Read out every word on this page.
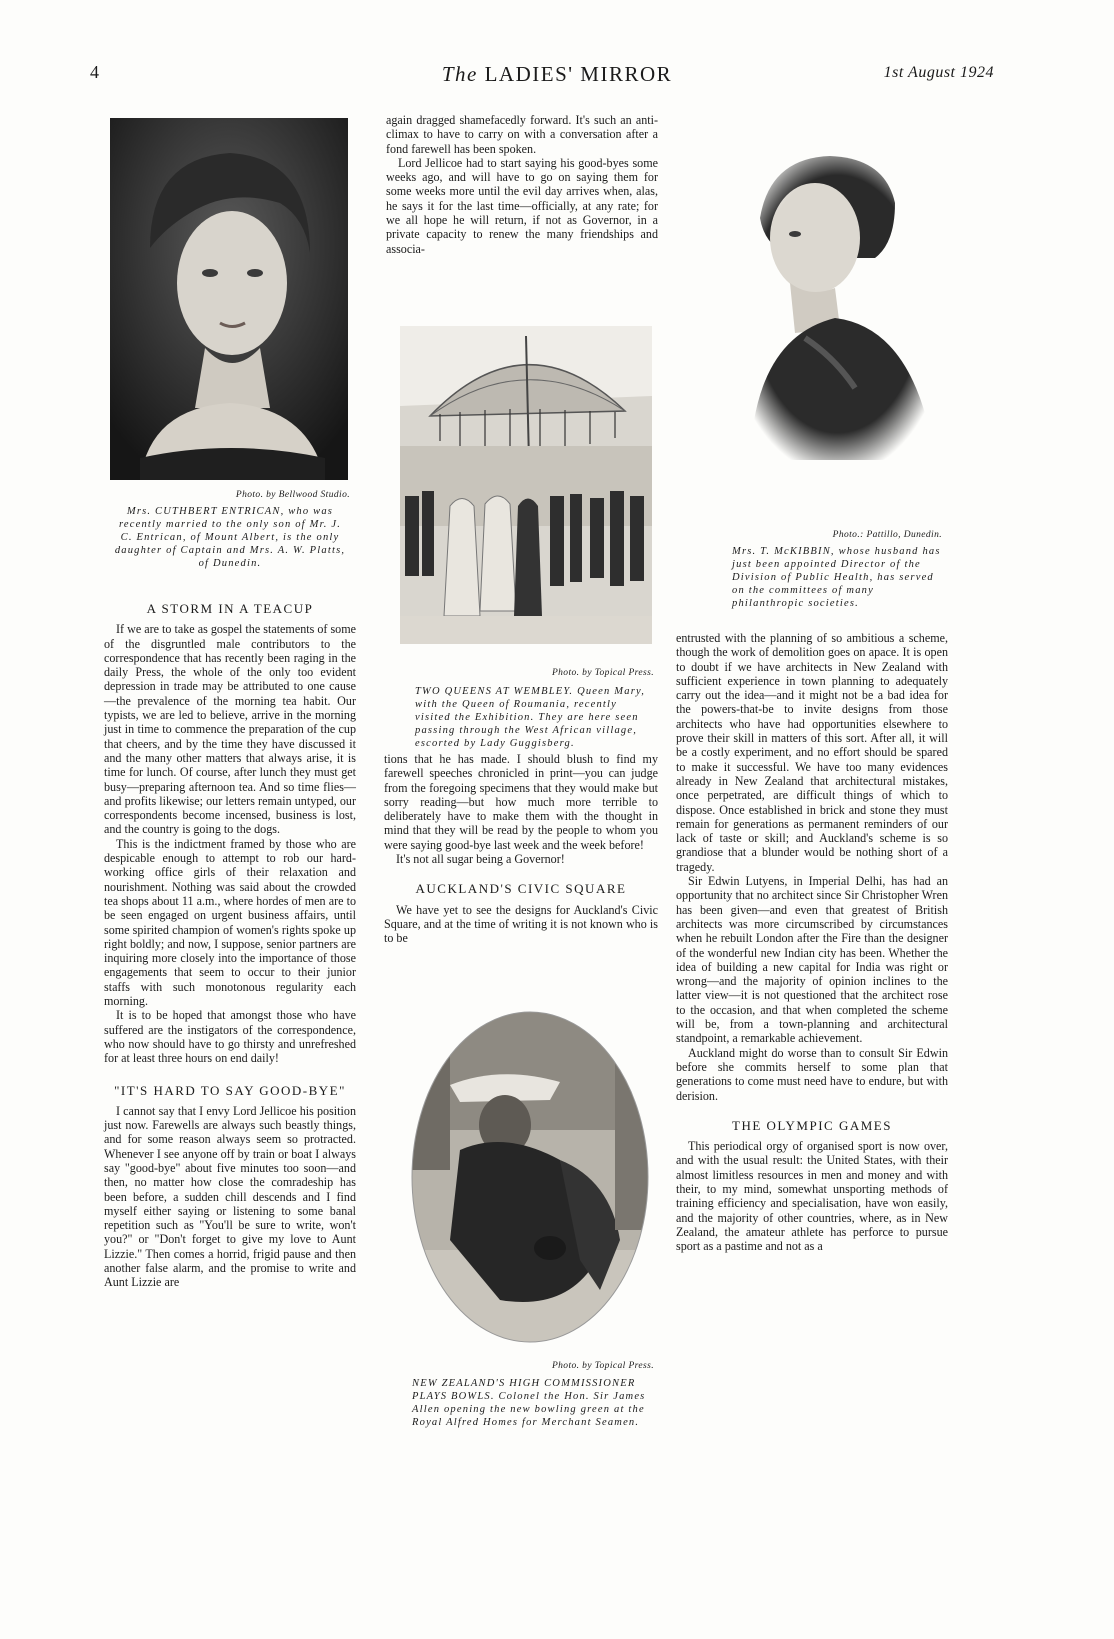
4	The LADIES' MIRROR	1st August 1924
Photo. by Bellwood Studio.
Mrs. CUTHBERT ENTRICAN, who was recently married to the only son of Mr. J. C. Entrican, of Mount Albert, is the only daughter of Captain and Mrs. A. W. Platts, of Dunedin.
A STORM IN A TEACUP

If we are to take as gospel the statements of some of the disgruntled male contributors to the correspondence that has recently been raging in the daily Press, the whole of the only too evident depression in trade may be attributed to one cause—the prevalence of the morning tea habit. Our typists, we are led to believe, arrive in the morning just in time to commence the preparation of the cup that cheers, and by the time they have discussed it and the many other matters that always arise, it is time for lunch. Of course, after lunch they must get busy—preparing afternoon tea. And so time flies—and profits likewise; our letters remain untyped, our correspondents become incensed, business is lost, and the country is going to the dogs.

This is the indictment framed by those who are despicable enough to attempt to rob our hard-working office girls of their relaxation and nourishment. Nothing was said about the crowded tea shops about 11 a.m., where hordes of men are to be seen engaged on urgent business affairs, until some spirited champion of women's rights spoke up right boldly; and now, I suppose, senior partners are inquiring more closely into the importance of those engagements that seem to occur to their junior staffs with such monotonous regularity each morning.

It is to be hoped that amongst those who have suffered are the instigators of the correspondence, who now should have to go thirsty and unrefreshed for at least three hours on end daily!

"IT'S HARD TO SAY GOOD-BYE"

I cannot say that I envy Lord Jellicoe his position just now. Farewells are always such beastly things, and for some reason always seem so protracted. Whenever I see anyone off by train or boat I always say "good-bye" about five minutes too soon—and then, no matter how close the comradeship has been before, a sudden chill descends and I find myself either saying or listening to some banal repetition such as "You'll be sure to write, won't you?" or "Don't forget to give my love to Aunt Lizzie." Then comes a horrid, frigid pause and then another false alarm, and the promise to write and Aunt Lizzie are

again dragged shamefacedly forward. It's such an anti-climax to have to carry on with a conversation after a fond farewell has been spoken.

Lord Jellicoe had to start saying his good-byes some weeks ago, and will have to go on saying them for some weeks more until the evil day arrives when, alas, he says it for the last time—officially, at any rate; for we all hope he will return, if not as Governor, in a private capacity to renew the many friendships and associa-

Photo. by Topical Press.
TWO QUEENS AT WEMBLEY. Queen Mary, with the Queen of Roumania, recently visited the Exhibition. They are here seen passing through the West African village, escorted by Lady Guggisberg.

tions that he has made. I should blush to find my farewell speeches chronicled in print—you can judge from the foregoing specimens that they would make but sorry reading—but how much more terrible to deliberately have to make them with the thought in mind that they will be read by the people to whom you were saying good-bye last week and the week before!

It's not all sugar being a Governor!

AUCKLAND'S CIVIC SQUARE

We have yet to see the designs for Auckland's Civic Square, and at the time of writing it is not known who is to be

Photo. by Topical Press.
NEW ZEALAND'S HIGH COMMISSIONER PLAYS BOWLS. Colonel the Hon. Sir James Allen opening the new bowling green at the Royal Alfred Homes for Merchant Seamen.
Photo.: Pattillo, Dunedin.
Mrs. T. McKIBBIN, whose husband has just been appointed Director of the Division of Public Health, has served on the committees of many philanthropic societies.

entrusted with the planning of so ambitious a scheme, though the work of demolition goes on apace. It is open to doubt if we have architects in New Zealand with sufficient experience in town planning to adequately carry out the idea—and it might not be a bad idea for the powers-that-be to invite designs from those architects who have had opportunities elsewhere to prove their skill in matters of this sort. After all, it will be a costly experiment, and no effort should be spared to make it successful. We have too many evidences already in New Zealand that architectural mistakes, once perpetrated, are difficult things of which to dispose. Once established in brick and stone they must remain for generations as permanent reminders of our lack of taste or skill; and Auckland's scheme is so grandiose that a blunder would be nothing short of a tragedy.

Sir Edwin Lutyens, in Imperial Delhi, has had an opportunity that no architect since Sir Christopher Wren has been given—and even that greatest of British architects was more circumscribed by circumstances when he rebuilt London after the Fire than the designer of the wonderful new Indian city has been. Whether the idea of building a new capital for India was right or wrong—and the majority of opinion inclines to the latter view—it is not questioned that the architect rose to the occasion, and that when completed the scheme will be, from a town-planning and architectural standpoint, a remarkable achievement.

Auckland might do worse than to consult Sir Edwin before she commits herself to some plan that generations to come must need have to endure, but with derision.

THE OLYMPIC GAMES

This periodical orgy of organised sport is now over, and with the usual result: the United States, with their almost limitless resources in men and money and with their, to my mind, somewhat unsporting methods of training efficiency and specialisation, have won easily, and the majority of other countries, where, as in New Zealand, the amateur athlete has perforce to pursue sport as a pastime and not as a
